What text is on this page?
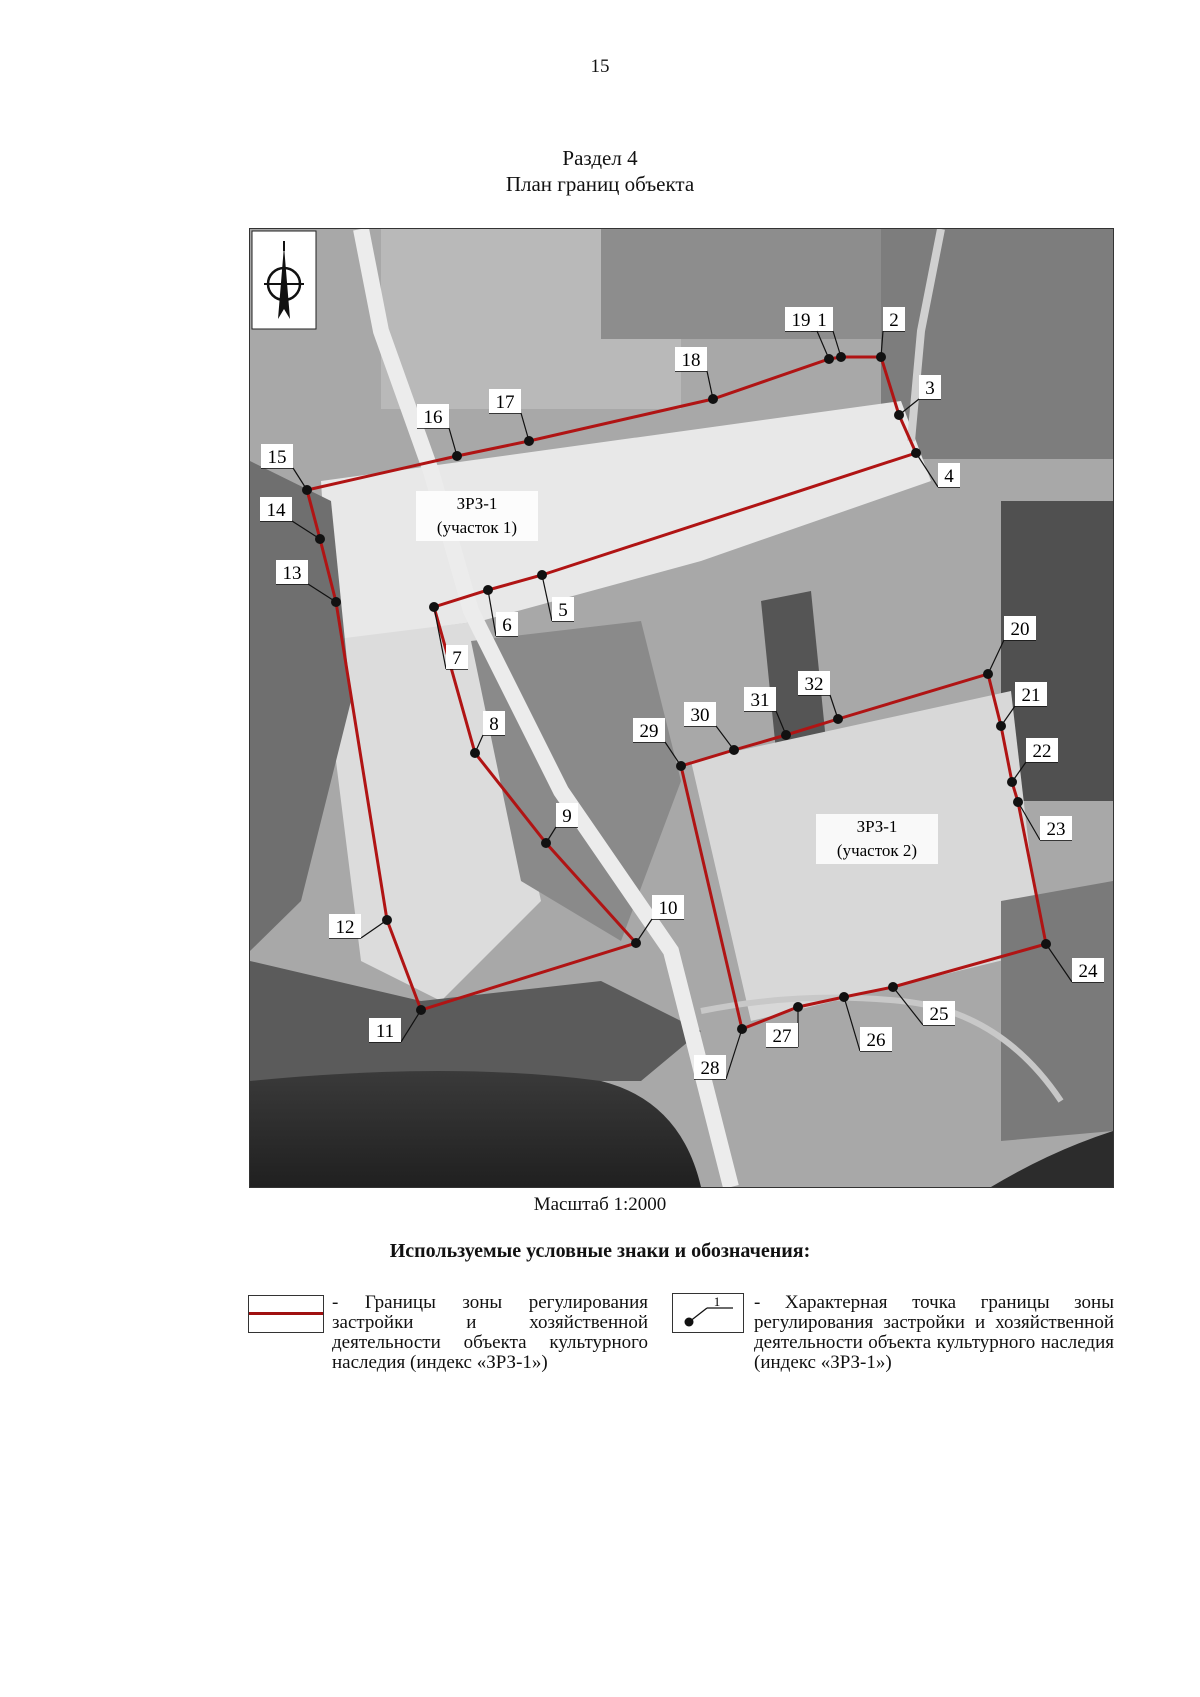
15
Раздел 4
План границ объекта
1	2
3
4
5
6
7
8
9
10
11
12
13
14
15
16
17
18
19
20
21
22
23
24
25
26
27
28
29
30
31
32
ЗРЗ-1
(участок 1)
ЗРЗ-1
(участок 2)
Масштаб 1:2000
Используемые условные знаки и обозначения:
- Границы зоны регулирования застройки и хозяйственной деятельности объекта культурного наследия (индекс «ЗРЗ-1»)
1 - Характерная точка границы зоны регулирования застройки и хозяйственной деятельности объекта культурного наследия (индекс «ЗРЗ-1»)
